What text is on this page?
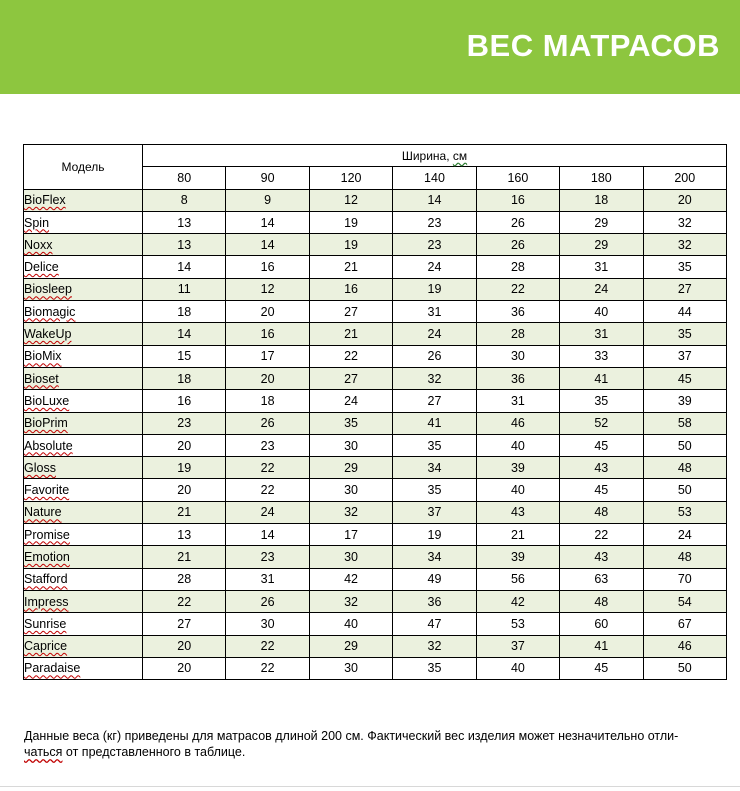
ВЕС МАТРАСОВ
Модель	Ширина, см						
	80	90	120	140	160	180	200
BioFlex	8	9	12	14	16	18	20
Spin	13	14	19	23	26	29	32
Noxx	13	14	19	23	26	29	32
Delice	14	16	21	24	28	31	35
Biosleep	11	12	16	19	22	24	27
Biomagic	18	20	27	31	36	40	44
WakeUp	14	16	21	24	28	31	35
BioMix	15	17	22	26	30	33	37
Bioset	18	20	27	32	36	41	45
BioLuxe	16	18	24	27	31	35	39
BioPrim	23	26	35	41	46	52	58
Absolute	20	23	30	35	40	45	50
Gloss	19	22	29	34	39	43	48
Favorite	20	22	30	35	40	45	50
Nature	21	24	32	37	43	48	53
Promise	13	14	17	19	21	22	24
Emotion	21	23	30	34	39	43	48
Stafford	28	31	42	49	56	63	70
Impress	22	26	32	36	42	48	54
Sunrise	27	30	40	47	53	60	67
Caprice	20	22	29	32	37	41	46
Paradaise	20	22	30	35	40	45	50
Данные веса (кг) приведены для матрасов длиной 200 см. Фактический вес изделия может незначительно отли-
чаться от представленного в таблице.
